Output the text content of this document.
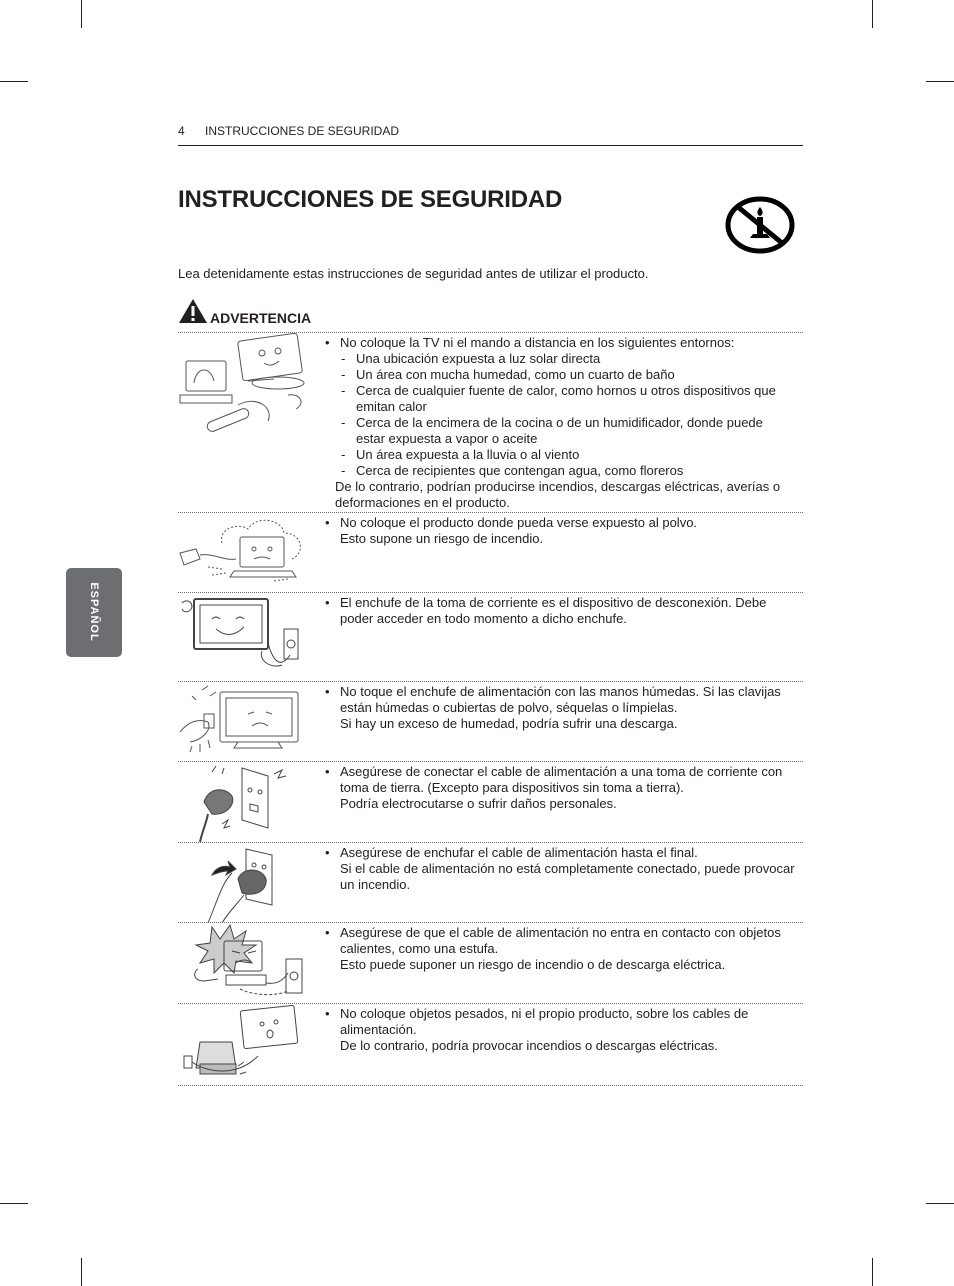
4 INSTRUCCIONES DE SEGURIDAD
INSTRUCCIONES DE SEGURIDAD
Lea detenidamente estas instrucciones de seguridad antes de utilizar el producto.
ADVERTENCIA
ESPAÑOL
• No coloque la TV ni el mando a distancia en los siguientes entornos:
- Una ubicación expuesta a luz solar directa
- Un área con mucha humedad, como un cuarto de baño
- Cerca de cualquier fuente de calor, como hornos u otros dispositivos que emitan calor
- Cerca de la encimera de la cocina o de un humidificador, donde puede estar expuesta a vapor o aceite
- Un área expuesta a la lluvia o al viento
- Cerca de recipientes que contengan agua, como floreros
De lo contrario, podrían producirse incendios, descargas eléctricas, averías o deformaciones en el producto.
• No coloque el producto donde pueda verse expuesto al polvo.
Esto supone un riesgo de incendio.
• El enchufe de la toma de corriente es el dispositivo de desconexión. Debe poder acceder en todo momento a dicho enchufe.
• No toque el enchufe de alimentación con las manos húmedas. Si las clavijas están húmedas o cubiertas de polvo, séquelas o límpielas.
Si hay un exceso de humedad, podría sufrir una descarga.
• Asegúrese de conectar el cable de alimentación a una toma de corriente con toma de tierra. (Excepto para dispositivos sin toma a tierra).
Podría electrocutarse o sufrir daños personales.
• Asegúrese de enchufar el cable de alimentación hasta el final.
Si el cable de alimentación no está completamente conectado, puede provocar un incendio.
• Asegúrese de que el cable de alimentación no entra en contacto con objetos calientes, como una estufa.
Esto puede suponer un riesgo de incendio o de descarga eléctrica.
• No coloque objetos pesados, ni el propio producto, sobre los cables de alimentación.
De lo contrario, podría provocar incendios o descargas eléctricas.
